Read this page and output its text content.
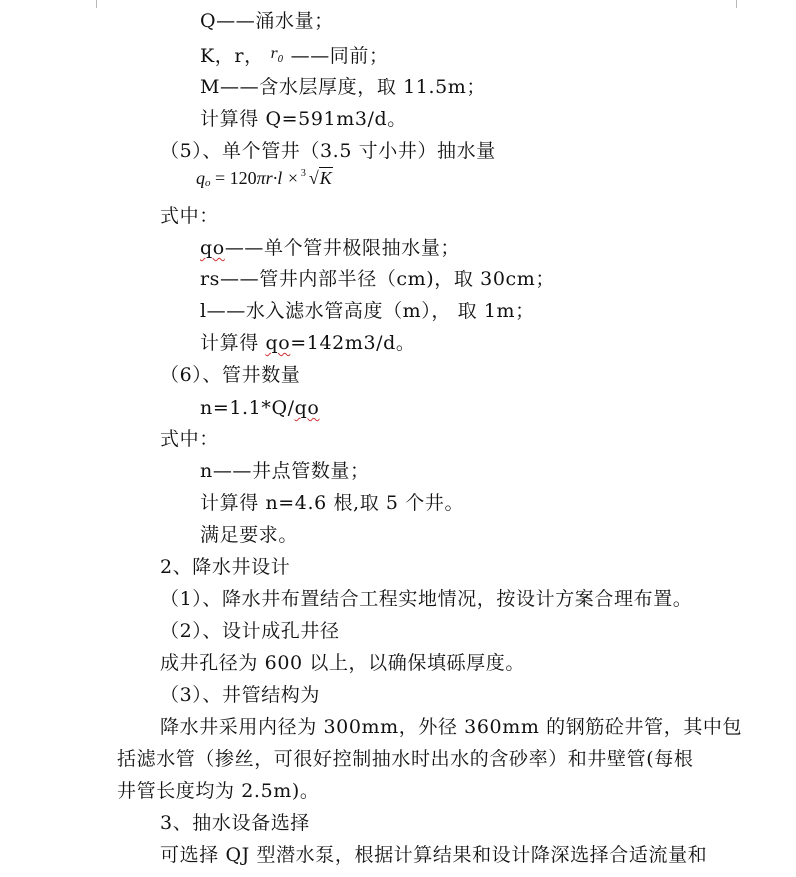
Q——涌水量；
K，r， $^{r_0}$ ——同前；
M——含水层厚度，取 11.5m；
计算得 Q=591m3/d。
（5）、单个管井（3.5 寸小井）抽水量
$q_o = 120\pi r\cdot l \times 3$ √K
式中：
qo——单个管井极限抽水量；
rs——管井内部半径（cm)，取 30cm；
l——水入滤水管高度（m）， 取 1m；
计算得 qo=142m3/d。
（6）、管井数量
n=1.1*Q/qo
式中：
n——井点管数量；
计算得 n=4.6 根,取 5 个井。
满足要求。
2、降水井设计
（1）、降水井布置结合工程实地情况，按设计方案合理布置。
（2）、设计成孔井径
成井孔径为 600 以上，以确保填砾厚度。
（3）、井管结构为
降水井采用内径为 300mm，外径 360mm 的钢筋砼井管，其中包
括滤水管（掺丝，可很好控制抽水时出水的含砂率）和井壁管(每根
井管长度均为 2.5m)。
3、抽水设备选择
可选择 QJ 型潜水泵，根据计算结果和设计降深选择合适流量和
